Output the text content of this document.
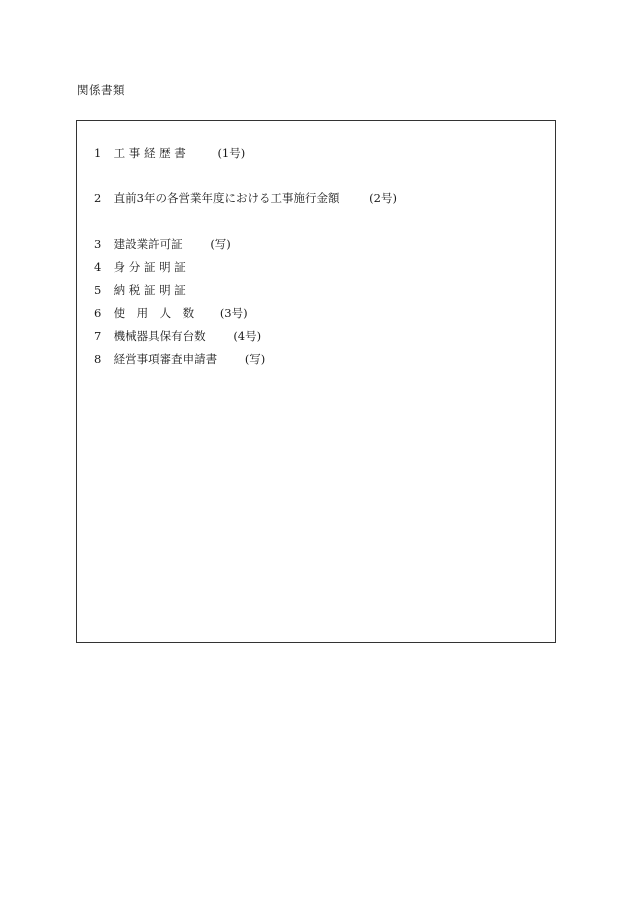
関係書類
1 工 事 経 歴 書	(1号)
2 直前3年の各営業年度における工事施行金額	(2号)
3 建設業許可証 (写)
4 身 分 証 明 証
5 納 税 証 明 証
6 使　用　人　数 (3号)
7 機械器具保有台数 (4号)
8 経営事項審査申請書 (写)
